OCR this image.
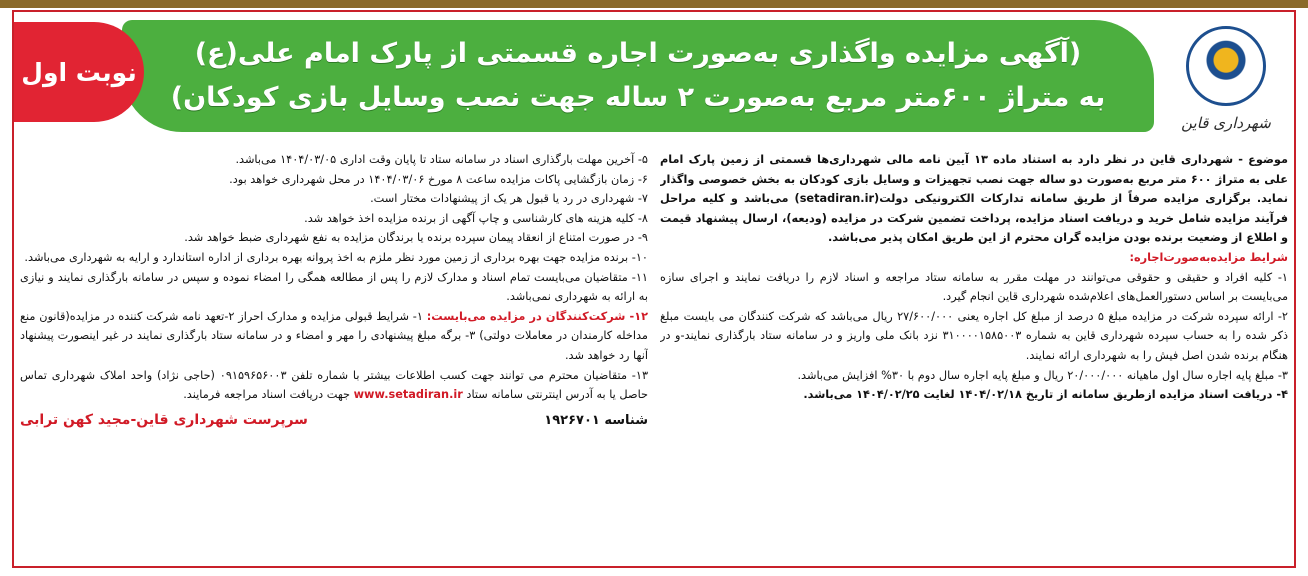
شهرداری قاین
(آگهی مزایده واگذاری به‌صورت اجاره قسمتی از پارک امام علی(ع)
به متراژ ۶۰۰متر مربع به‌صورت ۲ ساله جهت نصب وسایل بازی کودکان)
نوبت اول

موضوع - شهرداری قاین در نظر دارد به استناد ماده ۱۳ آیین نامه مالی شهرداری‌ها قسمتی از زمین پارک امام علی به متراژ ۶۰۰ متر مربع به‌صورت دو ساله جهت نصب تجهیزات و وسایل بازی کودکان به بخش خصوصی واگذار نماید. برگزاری مزایده صرفاً از طریق سامانه تدارکات الکترونیکی دولت(setadiran.ir) می‌باشد و کلیه مراحل فرآیند مزایده شامل خرید و دریافت اسناد مزایده، پرداخت تضمین شرکت در مزایده (ودیعه)، ارسال پیشنهاد قیمت و اطلاع از وضعیت برنده بودن مزایده گران محترم از این طریق امکان پذیر می‌باشد.

شرایط مزایده‌به‌صورت‌اجاره:

۱- کلیه افراد و حقیقی و حقوقی می‌توانند در مهلت مقرر به سامانه ستاد مراجعه و اسناد لازم را دریافت نمایند و اجرای سازه می‌بایست بر اساس دستورالعمل‌های اعلام‌شده شهرداری قاین انجام گیرد.

۲- ارائه سپرده شرکت در مزایده مبلغ ۵ درصد از مبلغ کل اجاره یعنی ۲۷/۶۰۰/۰۰۰ ریال می‌باشد که شرکت کنندگان می بایست مبلغ ذکر شده را به حساب سپرده شهرداری قاین به شماره ۳۱۰۰۰۰۱۵۸۵۰۰۳ نزد بانک ملی واریز و در سامانه ستاد بارگذاری نمایند-و در هنگام برنده شدن اصل فیش را به شهرداری ارائه نمایند.

۳- مبلغ پایه اجاره سال اول ماهیانه ۲۰/۰۰۰/۰۰۰ ریال و مبلغ پایه اجاره سال دوم با ۳۰% افزایش می‌باشد.

۴- دریافت اسناد مزایده ازطریق سامانه از تاریخ ۱۴۰۴/۰۲/۱۸ لغایت ۱۴۰۴/۰۲/۲۵ می‌باشد.

۵- آخرین مهلت بارگذاری اسناد در سامانه ستاد تا پایان وقت اداری ۱۴۰۴/۰۳/۰۵ می‌باشد.

۶- زمان بازگشایی پاکات مزایده ساعت ۸ مورخ ۱۴۰۴/۰۳/۰۶ در محل شهرداری خواهد بود.

۷- شهرداری در رد یا قبول هر یک از پیشنهادات مختار است.

۸- کلیه هزینه های کارشناسی و چاپ آگهی از برنده مزایده اخذ خواهد شد.

۹- در صورت امتناع از انعقاد پیمان سپرده برنده یا برندگان مزایده به نفع شهرداری ضبط خواهد شد.

۱۰- برنده مزایده جهت بهره برداری از زمین مورد نظر ملزم به اخذ پروانه بهره برداری از اداره استاندارد و ارایه به شهرداری می‌باشد.

۱۱- متقاضیان می‌بایست تمام اسناد و مدارک لازم را پس از مطالعه همگی را امضاء نموده و سپس در سامانه بارگذاری نمایند و نیازی به ارائه به شهرداری نمی‌باشد.

۱۲- شرکت‌کنندگان در مزایده می‌بایست: ۱- شرایط قبولی مزایده و مدارک احراز ۲-تعهد نامه شرکت کننده در مزایده(قانون منع مداخله کارمندان در معاملات دولتی) ۳- برگه مبلغ پیشنهادی را مهر و امضاء و در سامانه ستاد بارگذاری نمایند در غیر اینصورت پیشنهاد آنها رد خواهد شد.

۱۳- متقاضیان محترم می توانند جهت کسب اطلاعات بیشتر با شماره تلفن ۰۹۱۵۹۶۵۶۰۰۳ (حاجی نژاد) واحد املاک شهرداری تماس حاصل یا به آدرس اینترنتی سامانه ستاد www.setadiran.ir جهت دریافت اسناد مراجعه فرمایند.

شناسه ۱۹۲۶۷۰۱
سرپرست شهرداری قاین-مجید کهن ترابی
